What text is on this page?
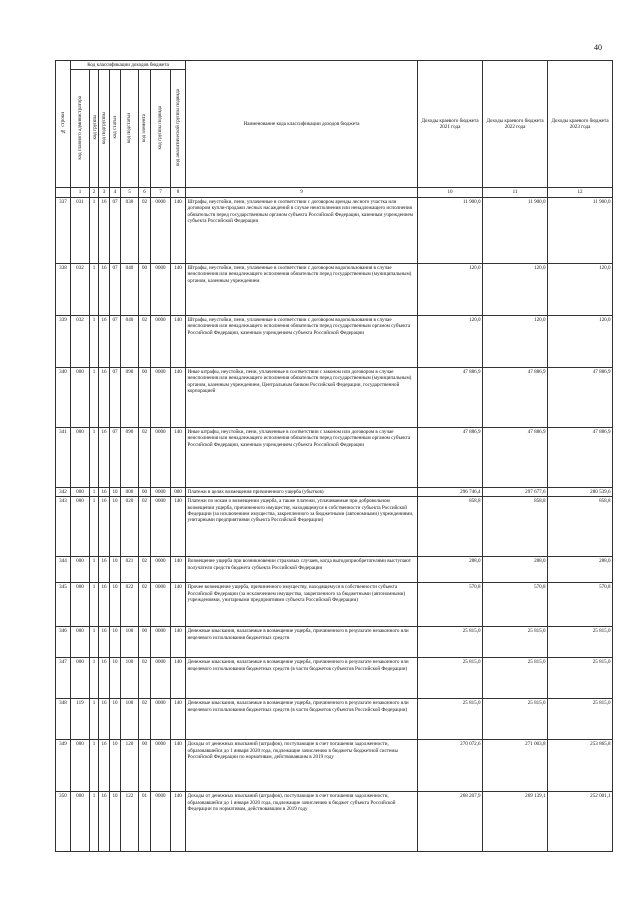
40
№ строки	Код классификации доходов бюджета								Наименование кода классификации доходов бюджета	Доходы краевого бюджета 2021 года	Доходы краевого бюджета 2022 года	Доходы краевого бюджета 2023 года
	код главного администратора	код группы	код подгруппы	код статьи	код подстатьи	код элемента	код группы подвида	код аналитической группы подвида				
	1	2	3	4	5	6	7	8	9	10	11	12
337	031	1	16	07	030	02	0000	140	Штрафы, неустойки, пени, уплаченные в соответствии с договором аренды лесного участка или договором купли-продажи лесных насаждений в случае неисполнения или ненадлежащего исполнения обязательств перед государственным органом субъекта Российской Федерации, казенным учреждением субъекта Российской Федерации	11 900,0	11 900,0	11 900,0
338	032	1	16	07	040	00	0000	140	Штрафы, неустойки, пени, уплаченные в соответствии с договором водопользования в случае неисполнения или ненадлежащего исполнения обязательств перед государственным (муниципальным) органом, казенным учреждением	120,0	120,0	120,0
339	032	1	16	07	040	02	0000	140	Штрафы, неустойки, пени, уплаченные в соответствии с договором водопользования в случае неисполнения или ненадлежащего исполнения обязательств перед государственным органом субъекта Российской Федерации, казенным учреждением субъекта Российской Федерации	120,0	120,0	120,0
340	000	1	16	07	090	00	0000	140	Иные штрафы, неустойки, пени, уплаченные в соответствии с законом или договором в случае неисполнения или ненадлежащего исполнения обязательств перед государственным (муниципальным) органом, казенным учреждением, Центральным банком Российской Федерации, государственной корпорацией	47 886,9	47 886,9	47 886,9
341	000	1	16	07	090	02	0000	140	Иные штрафы, неустойки, пени, уплаченные в соответствии с законом или договором в случае неисполнения или ненадлежащего исполнения обязательств перед государственным органом субъекта Российской Федерации, казенным учреждением субъекта Российской Федерации	47 886,9	47 886,9	47 886,9
342	000	1	16	10	000	00	0000	000	Платежи в целях возмещения причиненного ущерба (убытков)	296 746,4	297 677,6	280 539,6
343	000	1	16	10	020	02	0000	140	Платежи по искам о возмещении ущерба, а также платежи, уплачиваемые при добровольном возмещении ущерба, причиненного имуществу, находящемуся в собственности субъекта Российской Федерации (за исключением имущества, закрепленного за бюджетными (автономными) учреждениями, унитарными предприятиями субъекта Российской Федерации)	858,8	858,8	858,8
344	000	1	16	10	021	02	0000	140	Возмещение ущерба при возникновении страховых случаев, когда выгодоприобретателями выступают получатели средств бюджета субъекта Российской Федерации	288,0	288,0	288,0
345	000	1	16	10	022	02	0000	140	Прочее возмещение ущерба, причиненного имуществу, находящемуся в собственности субъекта Российской Федерации (за исключением имущества, закрепленного за бюджетными (автономными) учреждениями, унитарными предприятиями субъекта Российской Федерации)	570,8	570,8	570,8
346	000	1	16	10	100	00	0000	140	Денежные взыскания, налагаемые в возмещение ущерба, причиненного в результате незаконного или нецелевого использования бюджетных средств	25 815,0	25 815,0	25 815,0
347	000	1	16	10	100	02	0000	140	Денежные взыскания, налагаемые в возмещение ущерба, причиненного в результате незаконного или нецелевого использования бюджетных средств (в части бюджетов субъектов Российской Федерации)	25 815,0	25 815,0	25 815,0
348	119	1	16	10	100	02	0000	140	Денежные взыскания, налагаемые в возмещение ущерба, причиненного в результате незаконного или нецелевого использования бюджетных средств (в части бюджетов субъектов Российской Федерации)	25 815,0	25 815,0	25 815,0
349	000	1	16	10	120	00	0000	140	Доходы от денежных взысканий (штрафов), поступающие в счет погашения задолженности, образовавшейся до 1 января 2020 года, подлежащие зачислению в бюджеты бюджетной системы Российской Федерации по нормативам, действовавшим в 2019 году	270 072,6	271 003,8	253 865,8
350	000	1	16	10	122	01	0000	140	Доходы от денежных взысканий (штрафов), поступающие в счет погашения задолженности, образовавшейся до 1 января 2020 года, подлежащие зачислению в бюджет субъекта Российской Федерации по нормативам, действовавшим в 2019 году	268 207,9	269 139,1	252 001,1
